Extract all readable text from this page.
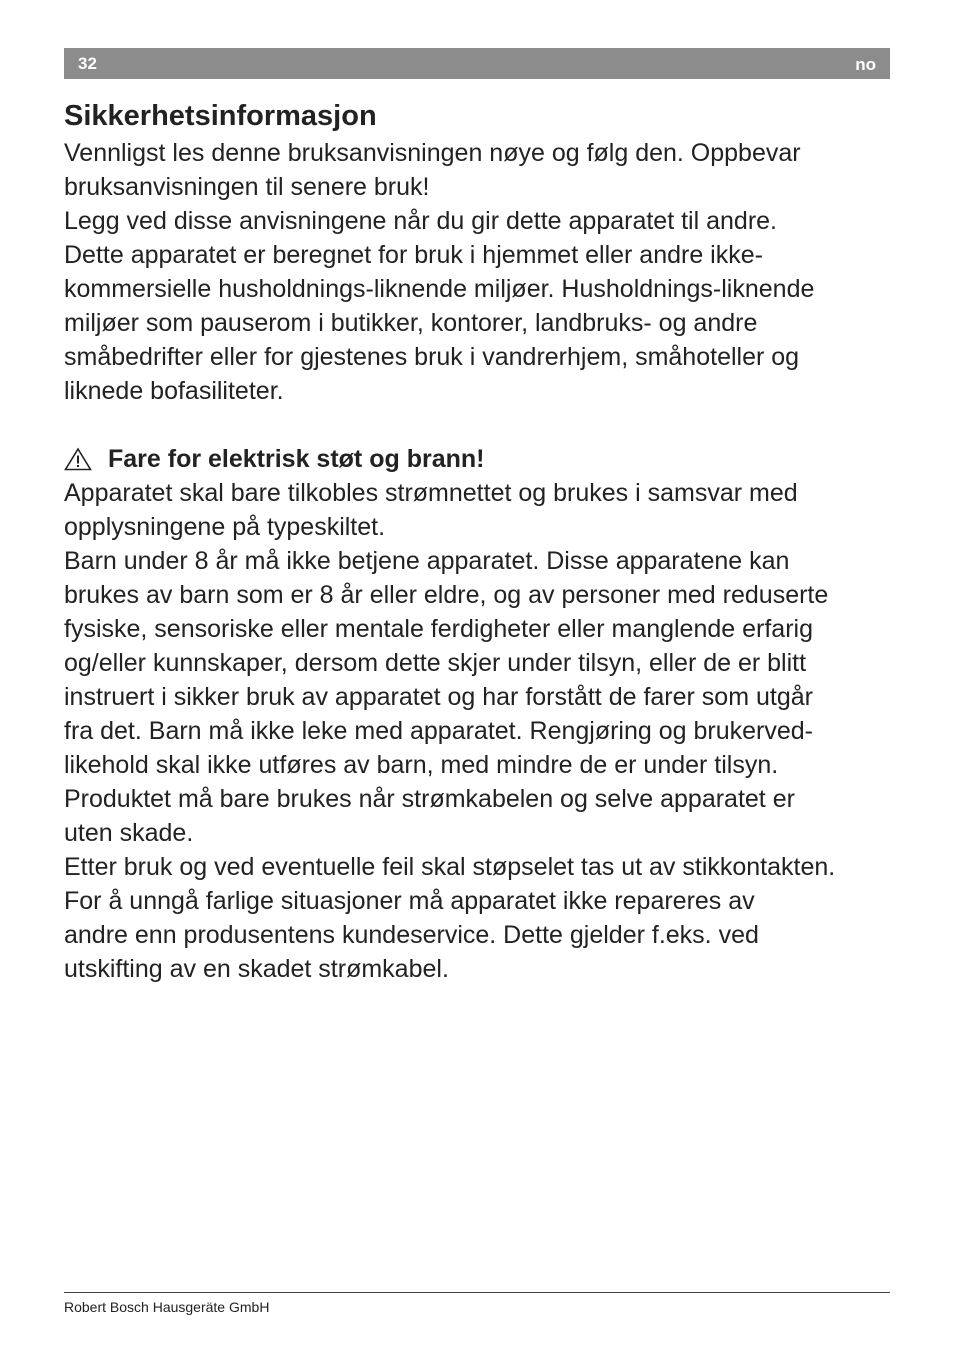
32	no
Sikkerhetsinformasjon

Vennligst les denne bruksanvisningen nøye og følg den. Oppbevar
bruksanvisningen til senere bruk!

Legg ved disse anvisningene når du gir dette apparatet til andre.

Dette apparatet er beregnet for bruk i hjemmet eller andre ikke-
kommersielle husholdnings-liknende miljøer. Husholdnings-liknende
miljøer som pauserom i butikker, kontorer, landbruks- og andre
småbedrifter eller for gjestenes bruk i vandrerhjem, småhoteller og
liknede bofasiliteter.

Fare for elektrisk støt og brann!

Apparatet skal bare tilkobles strømnettet og brukes i samsvar med
opplysningene på typeskiltet.

Barn under 8 år må ikke betjene apparatet. Disse apparatene kan
brukes av barn som er 8 år eller eldre, og av personer med reduserte
fysiske, sensoriske eller mentale ferdigheter eller manglende erfarig
og/eller kunnskaper, dersom dette skjer under tilsyn, eller de er blitt
instruert i sikker bruk av apparatet og har forstått de farer som utgår
fra det. Barn må ikke leke med apparatet. Rengjøring og brukerved-
likehold skal ikke utføres av barn, med mindre de er under tilsyn.

Produktet må bare brukes når strømkabelen og selve apparatet er
uten skade.

Etter bruk og ved eventuelle feil skal støpselet tas ut av stikkontakten.

For å unngå farlige situasjoner må apparatet ikke repareres av
andre enn produsentens kundeservice. Dette gjelder f.eks. ved
utskifting av en skadet strømkabel.

Robert Bosch Hausgeräte GmbH
